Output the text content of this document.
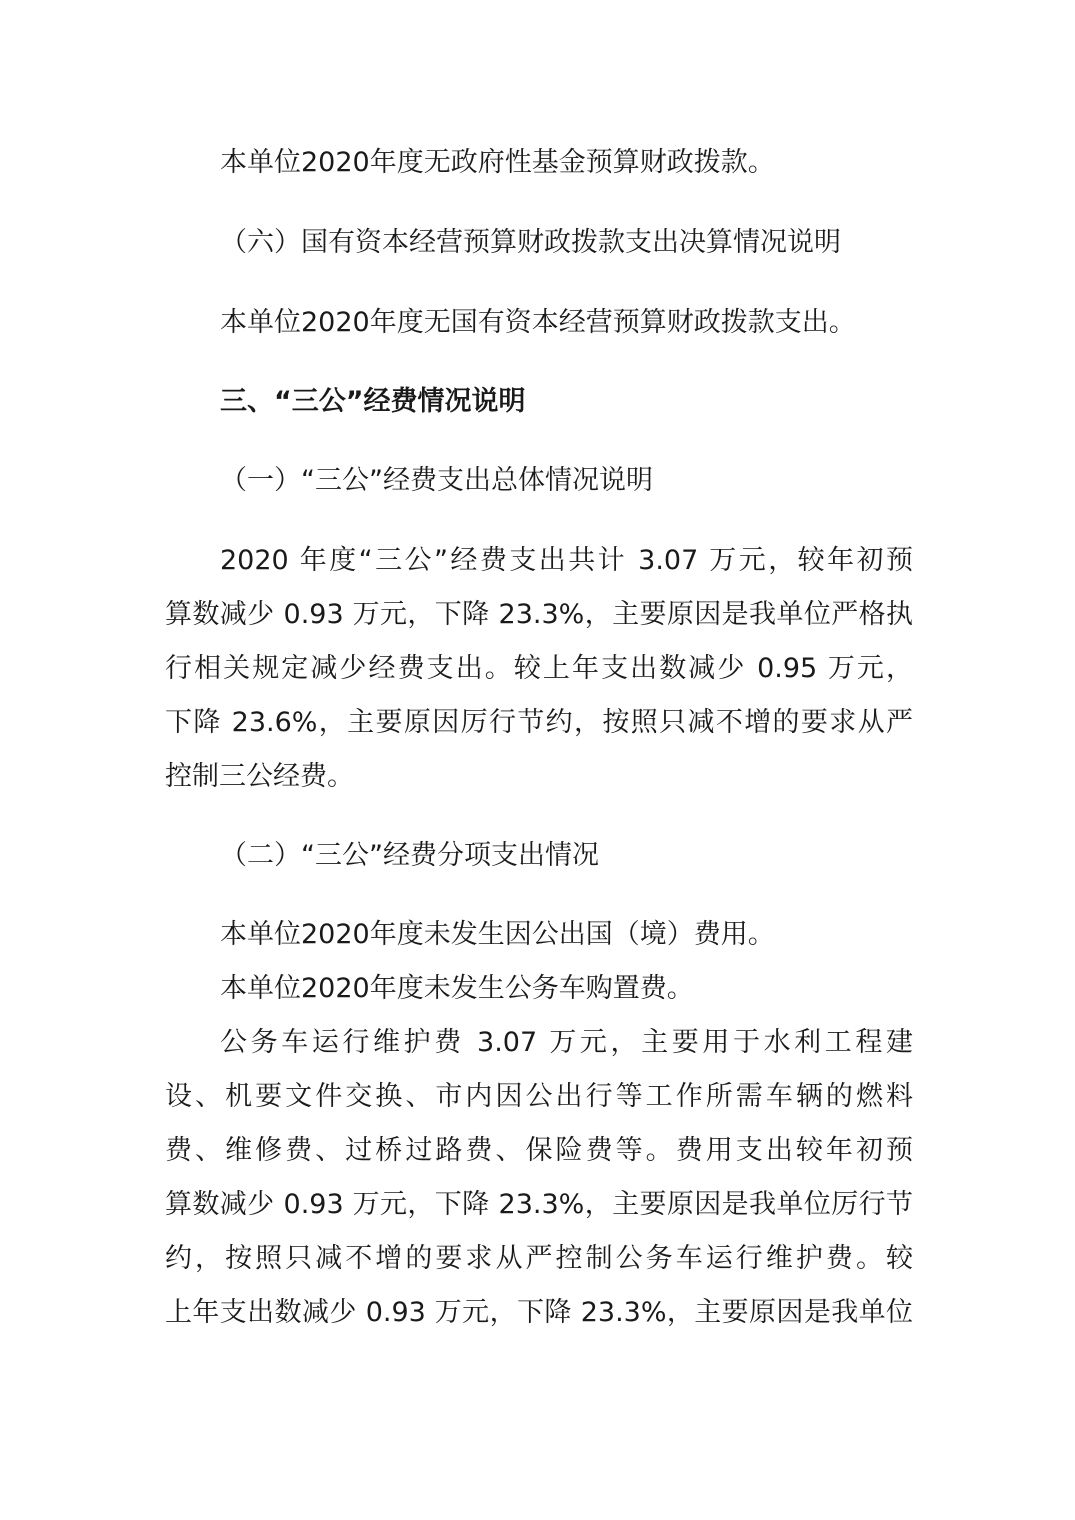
本单位2020年度无政府性基金预算财政拨款。
（六）国有资本经营预算财政拨款支出决算情况说明
本单位2020年度无国有资本经营预算财政拨款支出。
三、“三公”经费情况说明
（一）“三公”经费支出总体情况说明
2020 年度“三公”经费支出共计 3.07 万元，较年初预
算数减少 0.93 万元，下降 23.3%，主要原因是我单位严格执
行相关规定减少经费支出。较上年支出数减少 0.95 万元，
下降 23.6%，主要原因厉行节约，按照只减不增的要求从严
控制三公经费。
（二）“三公”经费分项支出情况
本单位2020年度未发生因公出国（境）费用。
本单位2020年度未发生公务车购置费。
公务车运行维护费 3.07 万元，主要用于水利工程建
设、机要文件交换、市内因公出行等工作所需车辆的燃料
费、维修费、过桥过路费、保险费等。费用支出较年初预
算数减少 0.93 万元，下降 23.3%，主要原因是我单位厉行节
约，按照只减不增的要求从严控制公务车运行维护费。较
上年支出数减少 0.93 万元，下降 23.3%，主要原因是我单位
